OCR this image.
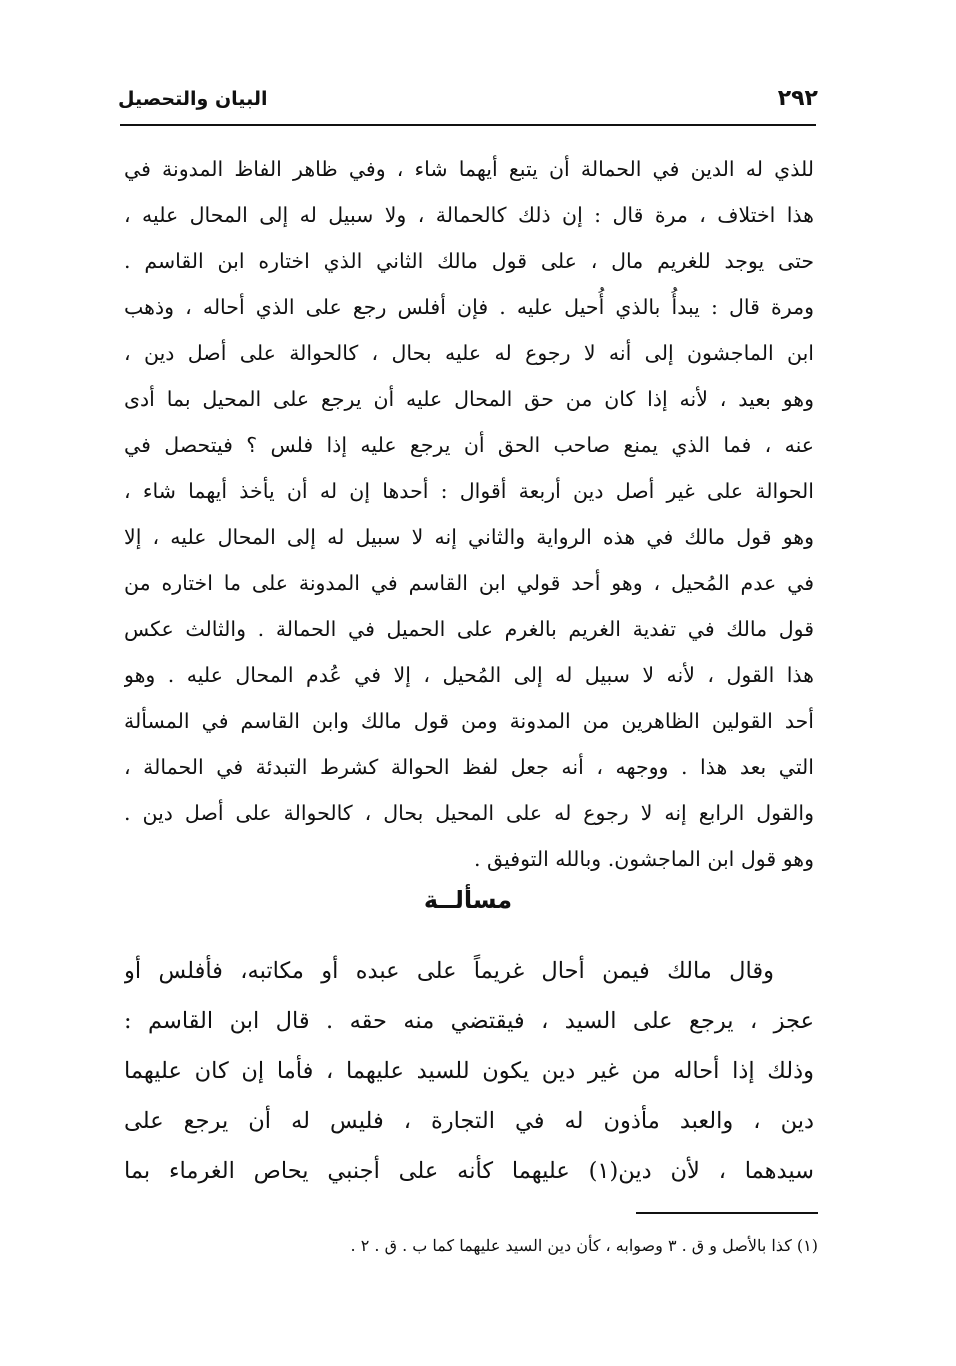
٢٩٢
البيان والتحصيل
للذي له الدين في الحمالة أن يتبع أيهما شاء ، وفي ظاهر الفاظ المدونة في
هذا اختلاف ، مرة قال : إن ذلك كالحمالة ، ولا سبيل له إلى المحال عليه ،
حتى يوجد للغريم مال ، على قول مالك الثاني الذي اختاره ابن القاسم .
ومرة قال : يبدأُ بالذي أُحيل عليه . فإن أفلس رجع على الذي أحاله ، وذهب
ابن الماجشون إلى أنه لا رجوع له عليه بحال ، كالحوالة على أصل دين ،
وهو بعيد ، لأنه إذا كان من حق المحال عليه أن يرجع على المحيل بما أدى
عنه ، فما الذي يمنع صاحب الحق أن يرجع عليه إذا فلس ؟ فيتحصل في
الحوالة على غير أصل دين أربعة أقوال : أحدها إن له أن يأخذ أيهما شاء ،
وهو قول مالك في هذه الرواية والثاني إنه لا سبيل له إلى المحال عليه ، إلا
في عدم المُحيل ، وهو أحد قولي ابن القاسم في المدونة على ما اختاره من
قول مالك في تفدية الغريم بالغرم على الحميل في الحمالة . والثالث عكس
هذا القول ، لأنه لا سبيل له إلى المُحيل ، إلا في عُدم المحال عليه . وهو
أحد القولين الظاهرين من المدونة ومن قول مالك وابن القاسم في المسألة
التي بعد هذا . ووجهه ، أنه جعل لفظ الحوالة كشرط التبدئة في الحمالة ،
والقول الرابع إنه لا رجوع له على المحيل بحال ، كالحوالة على أصل دين .
وهو قول ابن الماجشون. وبالله التوفيق .
مسألــة
وقال مالك فيمن أحال غريماً على عبده أو مكاتبه، فأفلس أو
عجز ، يرجع على السيد ، فيقتضي منه حقه . قال ابن القاسم :
وذلك إذا أحاله من غير دين يكون للسيد عليهما ، فأما إن كان عليهما
دين ، والعبد مأذون له في التجارة ، فليس له أن يرجع على
سيدهما ، لأن دين(١) عليهما كأنه على أجنبي يحاص الغرماء بما
(١) كذا بالأصل و ق . ٣ وصوابه ، كأن دين السيد عليهما كما ب . ق . ٢ .
